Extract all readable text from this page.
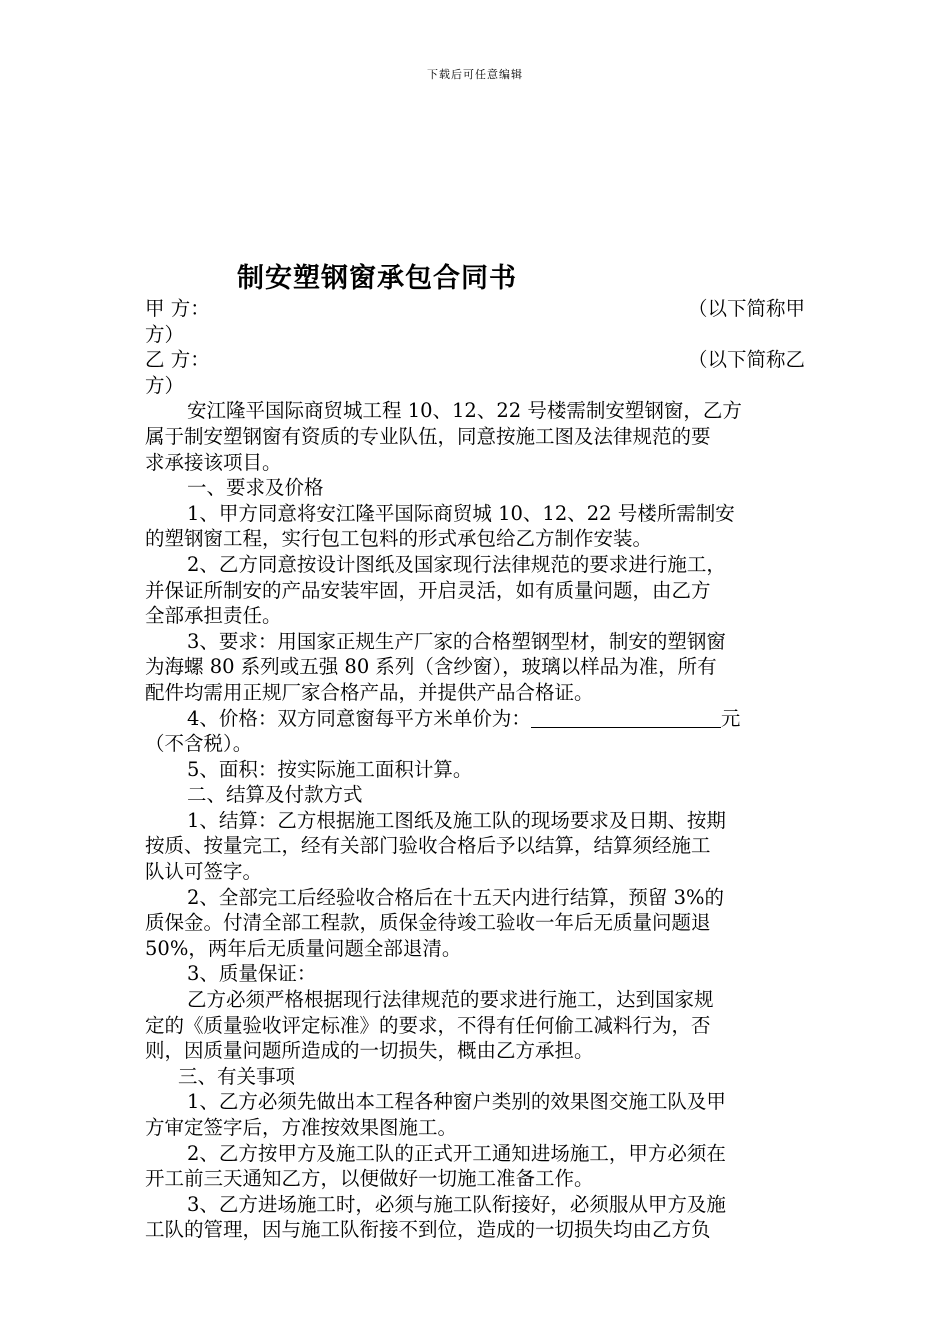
下载后可任意编辑
制安塑钢窗承包合同书
甲 方：	（以下简称甲
方）
乙 方：	（以下简称乙
方）
安江隆平国际商贸城工程 10、12、22 号楼需制安塑钢窗，乙方
属于制安塑钢窗有资质的专业队伍，同意按施工图及法律规范的要
求承接该项目。
一、要求及价格
1、甲方同意将安江隆平国际商贸城 10、12、22 号楼所需制安
的塑钢窗工程，实行包工包料的形式承包给乙方制作安装。
2、乙方同意按设计图纸及国家现行法律规范的要求进行施工，
并保证所制安的产品安装牢固，开启灵活，如有质量问题，由乙方
全部承担责任。
3、要求：用国家正规生产厂家的合格塑钢型材，制安的塑钢窗
为海螺 80 系列或五强 80 系列（含纱窗），玻璃以样品为准，所有
配件均需用正规厂家合格产品，并提供产品合格证。
4、价格：双方同意窗每平方米单价为：	元
（不含税）。
5、面积：按实际施工面积计算。
二、结算及付款方式
1、结算：乙方根据施工图纸及施工队的现场要求及日期、按期
按质、按量完工，经有关部门验收合格后予以结算，结算须经施工
队认可签字。
2、全部完工后经验收合格后在十五天内进行结算，预留 3%的
质保金。付清全部工程款，质保金待竣工验收一年后无质量问题退
50%，两年后无质量问题全部退清。
3、质量保证：
乙方必须严格根据现行法律规范的要求进行施工，达到国家规
定的《质量验收评定标准》的要求，不得有任何偷工减料行为，否
则，因质量问题所造成的一切损失，概由乙方承担。
三、有关事项
1、乙方必须先做出本工程各种窗户类别的效果图交施工队及甲
方审定签字后，方准按效果图施工。
2、乙方按甲方及施工队的正式开工通知进场施工，甲方必须在
开工前三天通知乙方，以便做好一切施工准备工作。
3、乙方进场施工时，必须与施工队衔接好，必须服从甲方及施
工队的管理，因与施工队衔接不到位，造成的一切损失均由乙方负
